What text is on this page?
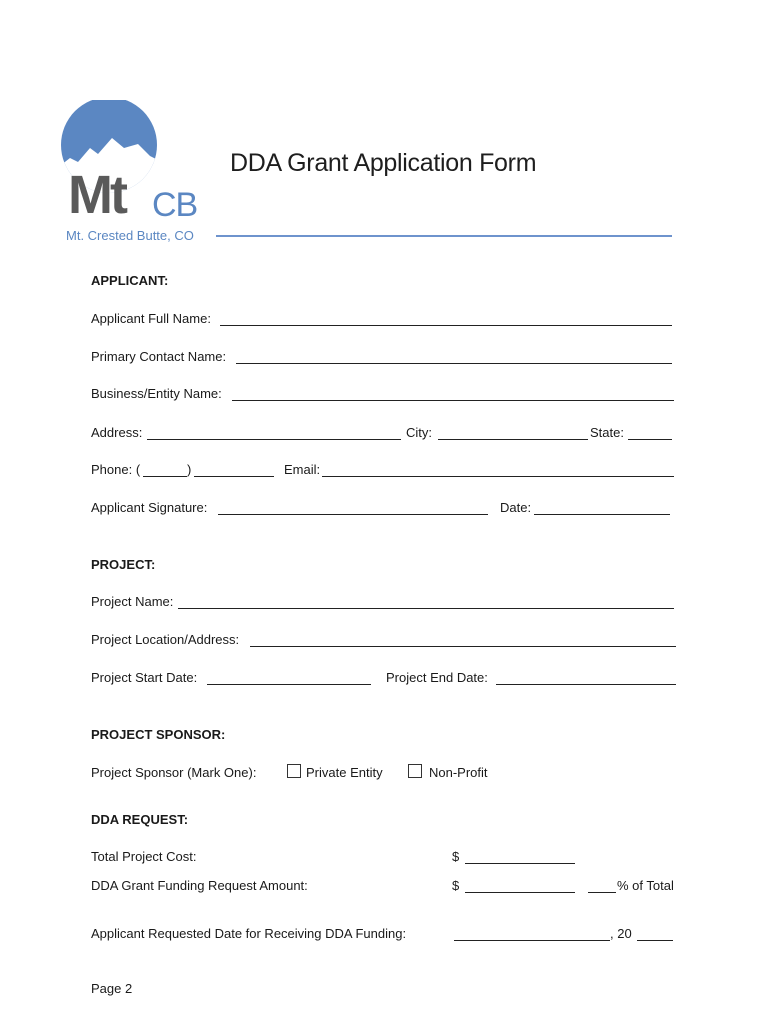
Mt CB
Mt. Crested Butte, CO
DDA Grant Application Form
APPLICANT:
Applicant Full Name:
Primary Contact Name:
Business/Entity Name:
Address:	City:	State:
Phone: (	)	Email:
Applicant Signature:	Date:
PROJECT:
Project Name:
Project Location/Address:
Project Start Date:	Project End Date:
PROJECT SPONSOR:
Project Sponsor (Mark One):	Private Entity	Non-Profit
DDA REQUEST:
Total Project Cost:	$
DDA Grant Funding Request Amount:	$	% of Total
Applicant Requested Date for Receiving DDA Funding:	, 20
Page 2
